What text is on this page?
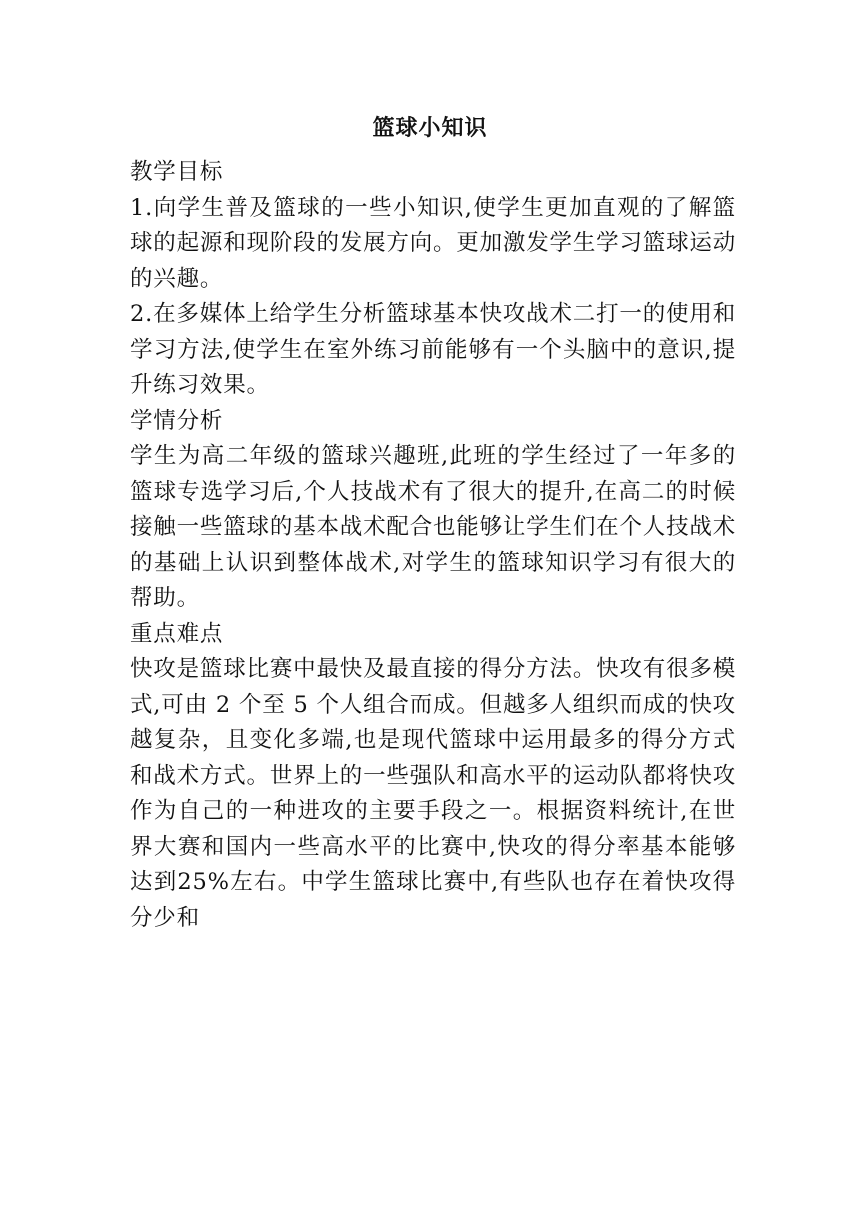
篮球小知识

教学目标

1.向学生普及篮球的一些小知识,使学生更加直观的了解篮球的起源和现阶段的发展方向。更加激发学生学习篮球运动的兴趣。

2.在多媒体上给学生分析篮球基本快攻战术二打一的使用和学习方法,使学生在室外练习前能够有一个头脑中的意识,提升练习效果。

学情分析

学生为高二年级的篮球兴趣班,此班的学生经过了一年多的篮球专选学习后,个人技战术有了很大的提升,在高二的时候接触一些篮球的基本战术配合也能够让学生们在个人技战术的基础上认识到整体战术,对学生的篮球知识学习有很大的帮助。

重点难点

快攻是篮球比赛中最快及最直接的得分方法。快攻有很多模式,可由 2 个至 5 个人组合而成。但越多人组织而成的快攻越复杂，且变化多端,也是现代篮球中运用最多的得分方式和战术方式。世界上的一些强队和高水平的运动队都将快攻作为自己的一种进攻的主要手段之一。根据资料统计,在世界大赛和国内一些高水平的比赛中,快攻的得分率基本能够达到25%左右。中学生篮球比赛中,有些队也存在着快攻得分少和
